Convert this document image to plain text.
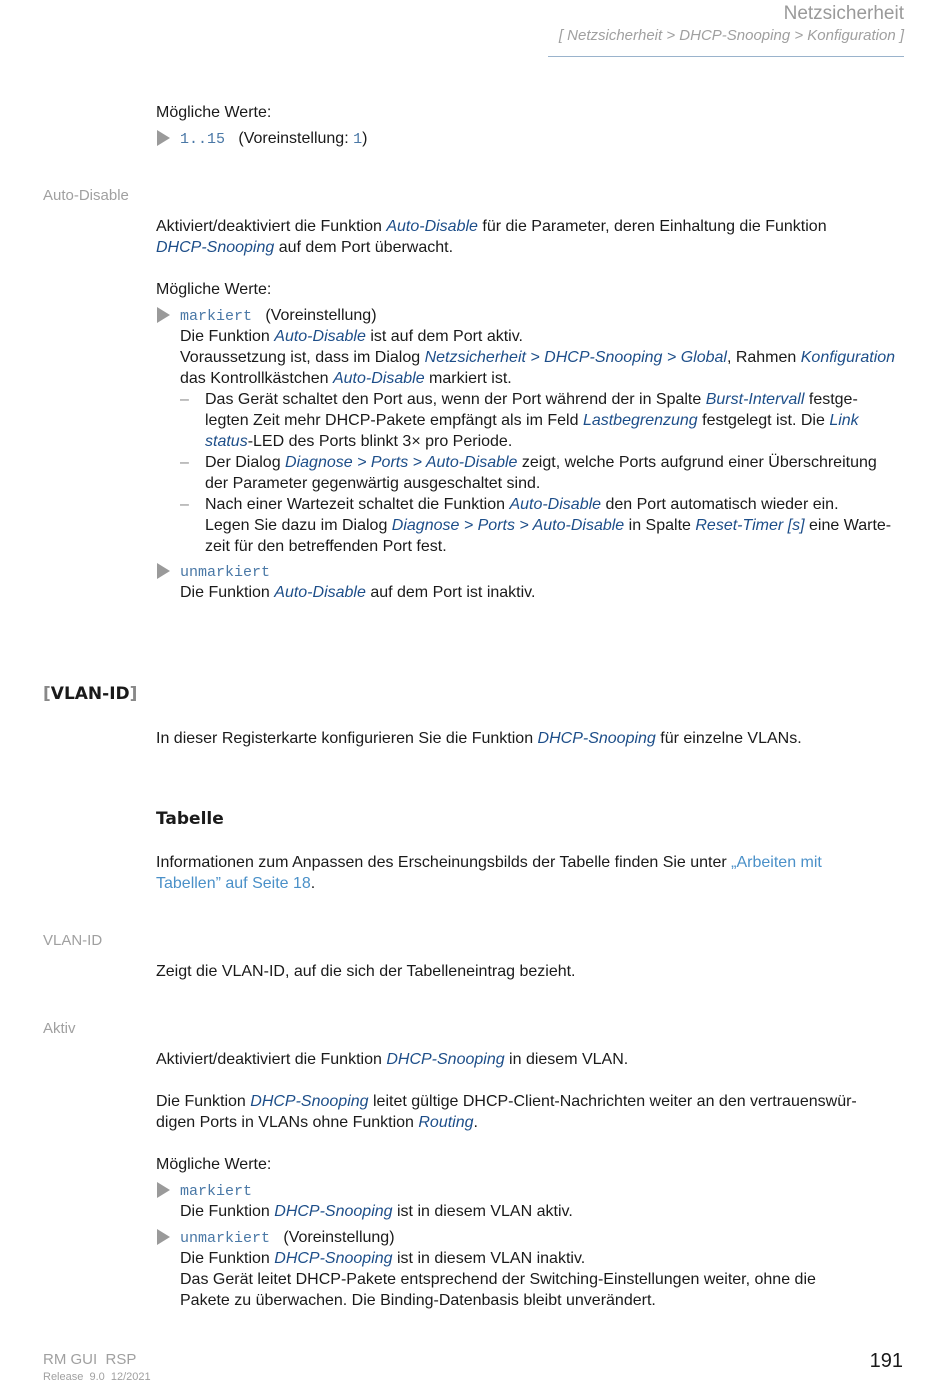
Netzsicherheit
[ Netzsicherheit > DHCP-Snooping > Konfiguration ]
Mögliche Werte:
1..15 (Voreinstellung: 1)
Auto-Disable
Aktiviert/deaktiviert die Funktion Auto-Disable für die Parameter, deren Einhaltung die Funktion
DHCP-Snooping auf dem Port überwacht.
Mögliche Werte:
markiert (Voreinstellung)
Die Funktion Auto-Disable ist auf dem Port aktiv.
Voraussetzung ist, dass im Dialog Netzsicherheit > DHCP-Snooping > Global, Rahmen Konfiguration
das Kontrollkästchen Auto-Disable markiert ist.
– Das Gerät schaltet den Port aus, wenn der Port während der in Spalte Burst-Intervall festge-
legten Zeit mehr DHCP-Pakete empfängt als im Feld Lastbegrenzung festgelegt ist. Die Link
status-LED des Ports blinkt 3× pro Periode.
– Der Dialog Diagnose > Ports > Auto-Disable zeigt, welche Ports aufgrund einer Überschreitung
der Parameter gegenwärtig ausgeschaltet sind.
– Nach einer Wartezeit schaltet die Funktion Auto-Disable den Port automatisch wieder ein.
Legen Sie dazu im Dialog Diagnose > Ports > Auto-Disable in Spalte Reset-Timer [s] eine Warte-
zeit für den betreffenden Port fest.
unmarkiert
Die Funktion Auto-Disable auf dem Port ist inaktiv.
[VLAN-ID]
In dieser Registerkarte konfigurieren Sie die Funktion DHCP-Snooping für einzelne VLANs.
Tabelle
Informationen zum Anpassen des Erscheinungsbilds der Tabelle finden Sie unter „Arbeiten mit
Tabellen” auf Seite 18.
VLAN-ID
Zeigt die VLAN-ID, auf die sich der Tabelleneintrag bezieht.
Aktiv
Aktiviert/deaktiviert die Funktion DHCP-Snooping in diesem VLAN.
Die Funktion DHCP-Snooping leitet gültige DHCP-Client-Nachrichten weiter an den vertrauenswür-
digen Ports in VLANs ohne Funktion Routing.
Mögliche Werte:
markiert
Die Funktion DHCP-Snooping ist in diesem VLAN aktiv.
unmarkiert (Voreinstellung)
Die Funktion DHCP-Snooping ist in diesem VLAN inaktiv.
Das Gerät leitet DHCP-Pakete entsprechend der Switching-Einstellungen weiter, ohne die
Pakete zu überwachen. Die Binding-Datenbasis bleibt unverändert.
RM GUI  RSP
Release  9.0  12/2021
191
